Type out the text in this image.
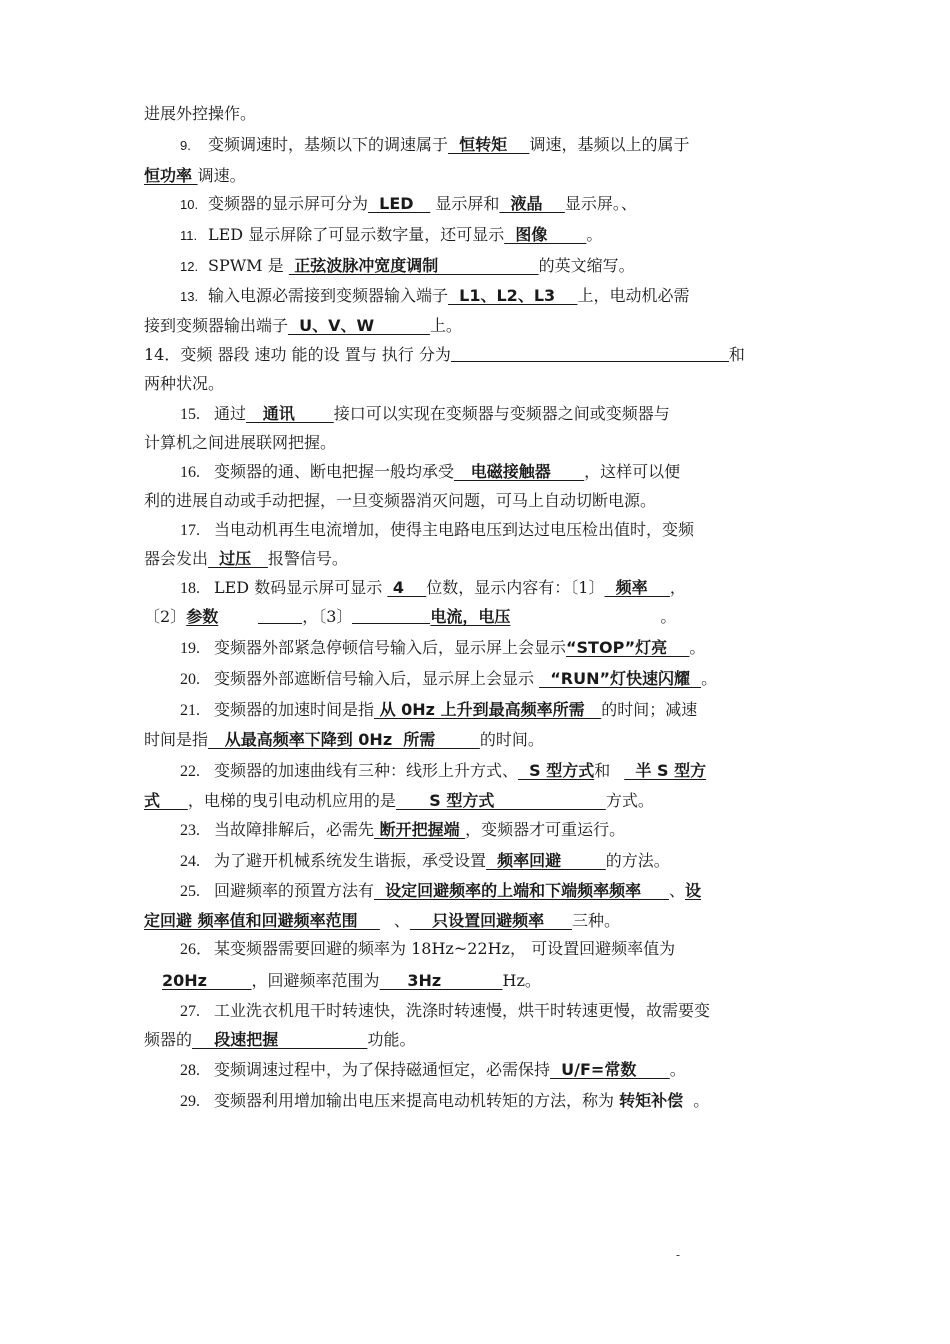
进展外控操作。
9. 变频调速时，基频以下的调速属于  恒转矩    调速，基频以上的属于
恒功率 调速。
10. 变频器的显示屏可分为  LED    显示屏和  液晶    显示屏。、
11. LED 显示屏除了可显示数字量，还可显示  图像       。
12. SPWM 是  正弦波脉冲宽度调制                  的英文缩写。
13. 输入电源必需接到变频器输入端子  L1、L2、L3    上，电动机必需
接到变频器输出端子  U、V、W          上。
14．变频 器段 速功 能的设 置与 执行 分为	和
两种状况。
15. 通过   通讯       接口可以实现在变频器与变频器之间或变频器与
计算机之间进展联网把握。
16. 变频器的通、断电把握一般均承受   电磁接触器      ，这样可以便
利的进展自动或手动把握，一旦变频器消灭问题，可马上自动切断电源。
17. 当电动机再生电流增加，使得主电路电压到达过电压检出值时，变频
器会发出  过压   报警信号。
18. LED 数码显示屏可显示  4    位数，显示内容有：〔1〕  频率    ，
〔2〕参数	，〔3〕	电流，电压	。
19. 变频器外部紧急停顿信号输入后，显示屏上会显示“STOP”灯亮    。
20. 变频器外部遮断信号输入后，显示屏上会显示   “RUN”灯快速闪耀  。
21. 变频器的加速时间是指 从 0Hz 上升到最高频率所需   的时间；减速
时间是指   从最高频率下降到 0Hz  所需        的时间。
22. 变频器的加速曲线有三种：线形上升方式、  S 型方式和  半 S 型方
式     ，电梯的曳引电动机应用的是      S 型方式                    方式。
23. 当故障排解后，必需先 断开把握端 ，变频器才可重运行。
24. 为了避开机械系统发生谐振，承受设置  频率回避        的方法。
25. 回避频率的预置方法有  设定回避频率的上端和下端频率频率     、设
定回避 频率值和回避频率范围    、    只设置回避频率     三种。
26． 某变频器需要回避的频率为 18Hz~22Hz， 可设置回避频率值为
20Hz        ，回避频率范围为     3Hz           Hz。
27. 工业洗衣机甩干时转速快，洗涤时转速慢，烘干时转速更慢，故需要变
频器的    段速把握                功能。
28. 变频调速过程中，为了保持磁通恒定，必需保持  U/F=常数      。
29. 变频器利用增加输出电压来提高电动机转矩的方法，称为 转矩补偿 。
-
